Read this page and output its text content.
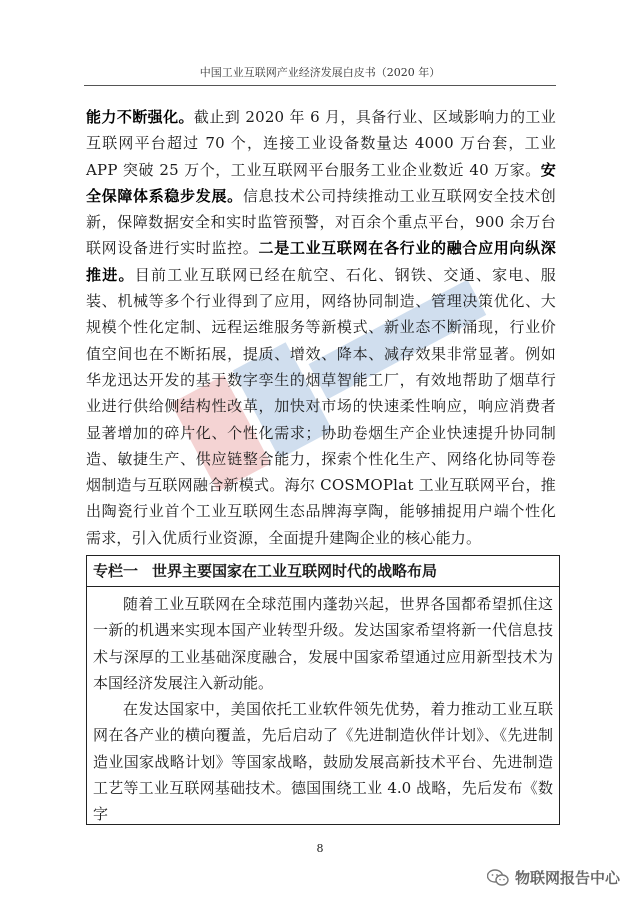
中国工业互联网产业经济发展白皮书（2020 年）
能力不断强化。截止到 2020 年 6 月，具备行业、区域影响力的工业互联网平台超过 70 个，连接工业设备数量达 4000 万台套，工业 APP 突破 25 万个，工业互联网平台服务工业企业数近 40 万家。安全保障体系稳步发展。信息技术公司持续推动工业互联网安全技术创新，保障数据安全和实时监管预警，对百余个重点平台，900 余万台联网设备进行实时监控。二是工业互联网在各行业的融合应用向纵深推进。目前工业互联网已经在航空、石化、钢铁、交通、家电、服装、机械等多个行业得到了应用，网络协同制造、管理决策优化、大规模个性化定制、远程运维服务等新模式、新业态不断涌现，行业价值空间也在不断拓展，提质、增效、降本、减存效果非常显著。例如华龙迅达开发的基于数字孪生的烟草智能工厂，有效地帮助了烟草行业进行供给侧结构性改革，加快对市场的快速柔性响应，响应消费者显著增加的碎片化、个性化需求；协助卷烟生产企业快速提升协同制造、敏捷生产、供应链整合能力，探索个性化生产、网络化协同等卷烟制造与互联网融合新模式。海尔 COSMOPlat 工业互联网平台，推出陶瓷行业首个工业互联网生态品牌海享陶，能够捕捉用户端个性化需求，引入优质行业资源，全面提升建陶企业的核心能力。
专栏一 世界主要国家在工业互联网时代的战略布局

随着工业互联网在全球范围内蓬勃兴起，世界各国都希望抓住这一新的机遇来实现本国产业转型升级。发达国家希望将新一代信息技术与深厚的工业基础深度融合，发展中国家希望通过应用新型技术为本国经济发展注入新动能。

在发达国家中，美国依托工业软件领先优势，着力推动工业互联网在各产业的横向覆盖，先后启动了《先进制造伙伴计划》、《先进制造业国家战略计划》等国家战略，鼓励发展高新技术平台、先进制造工艺等工业互联网基础技术。德国围绕工业 4.0 战略，先后发布《数字

8
物联网报告中心
